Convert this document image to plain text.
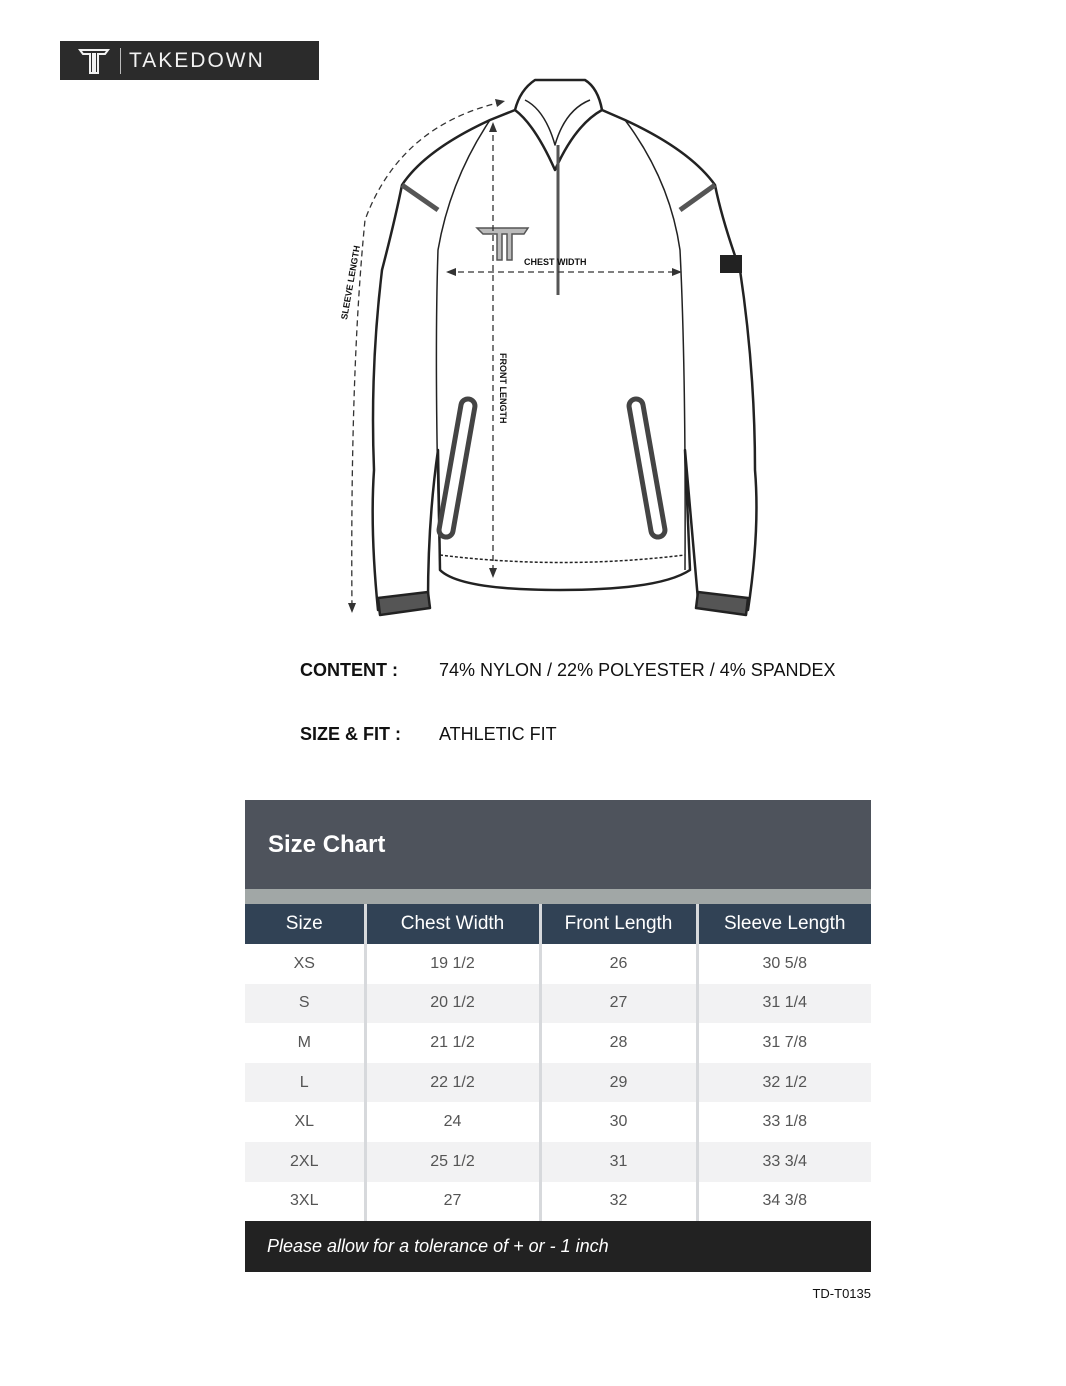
TAKEDOWN
CHEST WIDTH
FRONT LENGTH
SLEEVE LENGTH
CONTENT : 74% NYLON / 22% POLYESTER / 4% SPANDEX
SIZE & FIT : ATHLETIC FIT
Size Chart
Size	Chest Width	Front Length	Sleeve Length
XS	19 1/2	26	30 5/8
S	20 1/2	27	31 1/4
M	21 1/2	28	31 7/8
L	22 1/2	29	32 1/2
XL	24	30	33 1/8
2XL	25 1/2	31	33 3/4
3XL	27	32	34 3/8
Please allow for a tolerance of + or - 1 inch
TD-T0135
